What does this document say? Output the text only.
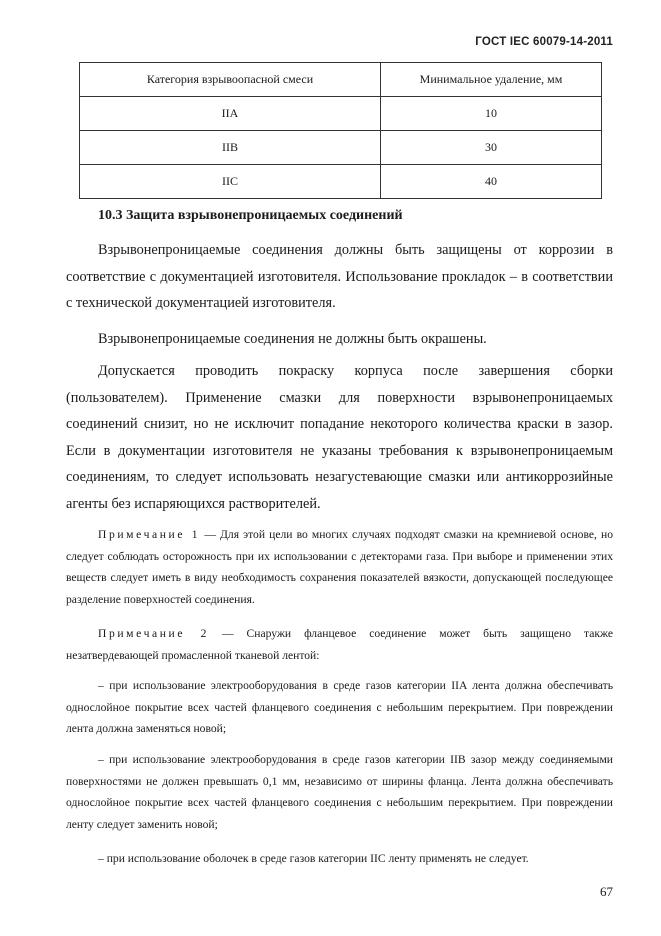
ГОСТ IEC 60079-14-2011
Категория взрывоопасной смеси	Минимальное удаление, мм
IIA	10
IIB	30
IIC	40
10.3 Защита взрывонепроницаемых соединений
Взрывонепроницаемые соединения должны быть защищены от коррозии в соответствие с документацией изготовителя. Использование прокладок – в соответствии с технической документацией изготовителя.
Взрывонепроницаемые соединения не должны быть окрашены.
Допускается проводить покраску корпуса после завершения сборки (пользователем). Применение смазки для поверхности взрывонепроницаемых соединений снизит, но не исключит попадание некоторого количества краски в зазор. Если в документации изготовителя не указаны требования к взрывонепроницаемым соединениям, то следует использовать незагустевающие смазки или антикоррозийные агенты без испаряющихся растворителей.
Примечание 1 — Для этой цели во многих случаях подходят смазки на кремниевой основе, но следует соблюдать осторожность при их использовании с детекторами газа. При выборе и применении этих веществ следует иметь в виду необходимость сохранения показателей вязкости, допускающей последующее разделение поверхностей соединения.
Примечание 2 — Снаружи фланцевое соединение может быть защищено также незатвердевающей промасленной тканевой лентой:
– при использование электрооборудования в среде газов категории IIA лента должна обеспечивать однослойное покрытие всех частей фланцевого соединения с небольшим перекрытием. При повреждении лента должна заменяться новой;
– при использование электрооборудования в среде газов категории IIB зазор между соединяемыми поверхностями не должен превышать 0,1 мм, независимо от ширины фланца. Лента должна обеспечивать однослойное покрытие всех частей фланцевого соединения с небольшим перекрытием. При повреждении ленту следует заменить новой;
– при использование оболочек в среде газов категории IIC ленту применять не следует.
67
